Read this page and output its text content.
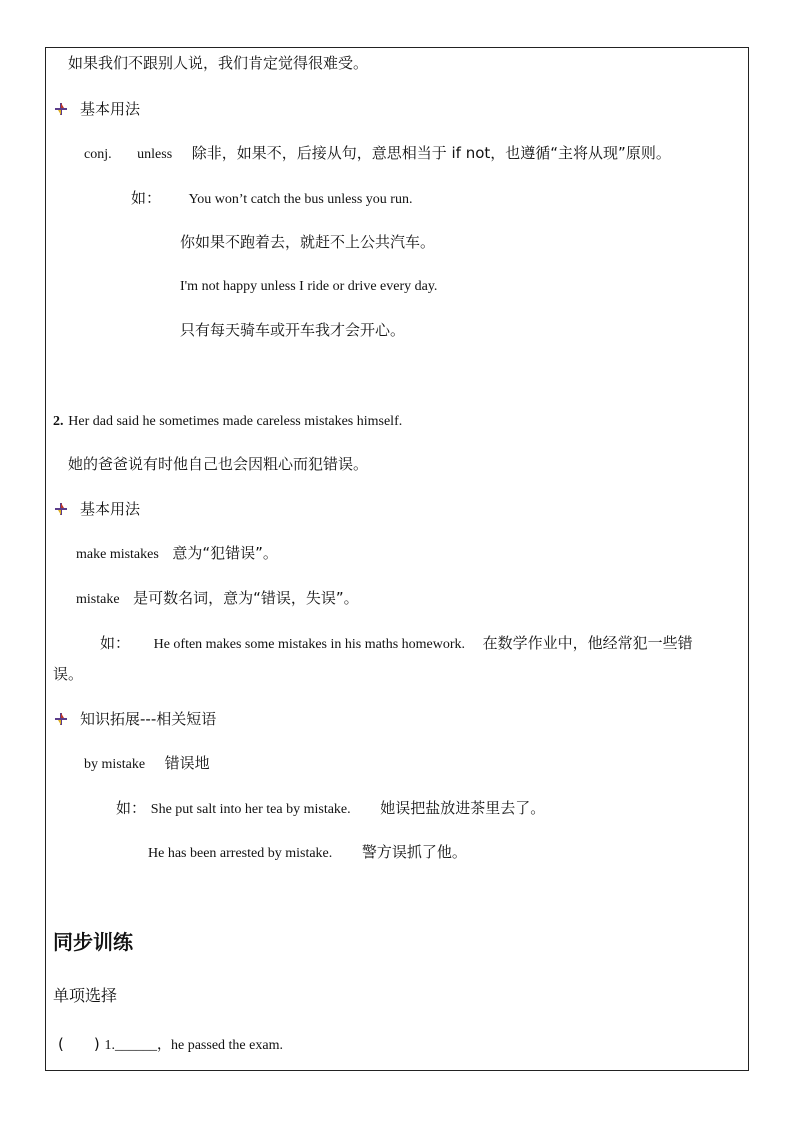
如果我们不跟别人说，我们肯定觉得很难受。
基本用法
conj. unless 除非，如果不，后接从句，意思相当于 if not，也遵循“主将从现”原则。
如： You won’t catch the bus unless you run.
你如果不跑着去，就赶不上公共汽车。
I'm not happy unless I ride or drive every day.
只有每天骑车或开车我才会开心。
2. Her dad said he sometimes made careless mistakes himself.
她的爸爸说有时他自己也会因粗心而犯错误。
基本用法
make mistakes 意为“犯错误”。
mistake 是可数名词，意为“错误，失误”。
如： He often makes some mistakes in his maths homework. 在数学作业中，他经常犯一些错
误。
知识拓展---相关短语
by mistake 错误地
如： She put salt into her tea by mistake. 她误把盐放进茶里去了。
He has been arrested by mistake. 警方误抓了他。
同步训练
单项选择
(　　) 1.______，he passed the exam.
